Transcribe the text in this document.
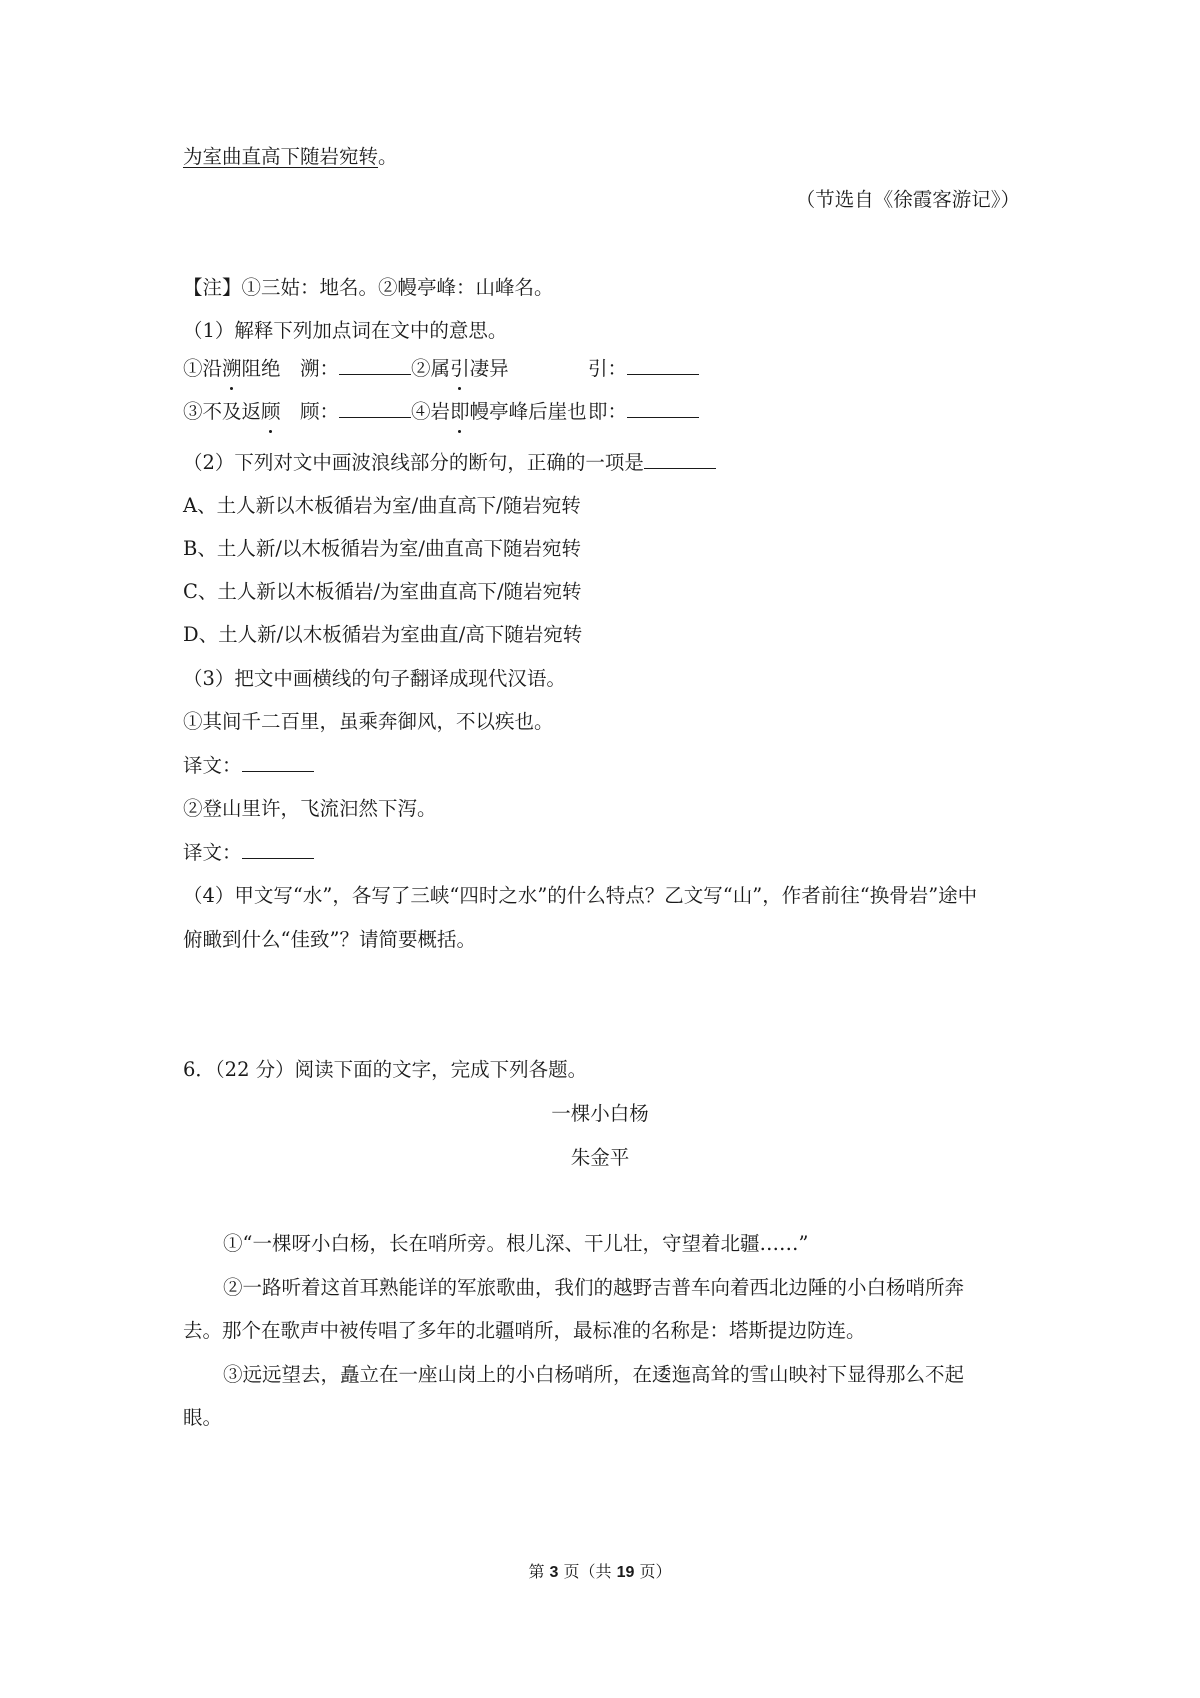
为室曲直高下随岩宛转。
（节选自《徐霞客游记》）
【注】①三姑：地名。②幔亭峰：山峰名。
（1）解释下列加点词在文中的意思。
①沿溯阻绝　溯：	②属引凄异	引：
③不及返顾　顾：	④岩即幔亭峰后崖也 即：
（2）下列对文中画波浪线部分的断句，正确的一项是
A、土人新以木板循岩为室/曲直高下/随岩宛转
B、土人新/以木板循岩为室/曲直高下随岩宛转
C、土人新以木板循岩/为室曲直高下/随岩宛转
D、土人新/以木板循岩为室曲直/高下随岩宛转
（3）把文中画横线的句子翻译成现代汉语。
①其间千二百里，虽乘奔御风，不以疾也。
译文：
②登山里许，飞流汩然下泻。
译文：
（4）甲文写“水”，各写了三峡“四时之水”的什么特点？乙文写“山”，作者前往“换骨岩”途中
俯瞰到什么“佳致”？请简要概括。
6．（22 分）阅读下面的文字，完成下列各题。
一棵小白杨
朱金平
①“一棵呀小白杨，长在哨所旁。根儿深、干儿壮，守望着北疆……”
②一路听着这首耳熟能详的军旅歌曲，我们的越野吉普车向着西北边陲的小白杨哨所奔
去。那个在歌声中被传唱了多年的北疆哨所，最标准的名称是：塔斯提边防连。
③远远望去，矗立在一座山岗上的小白杨哨所，在逶迤高耸的雪山映衬下显得那么不起
眼。
第 3 页（共 19 页）
